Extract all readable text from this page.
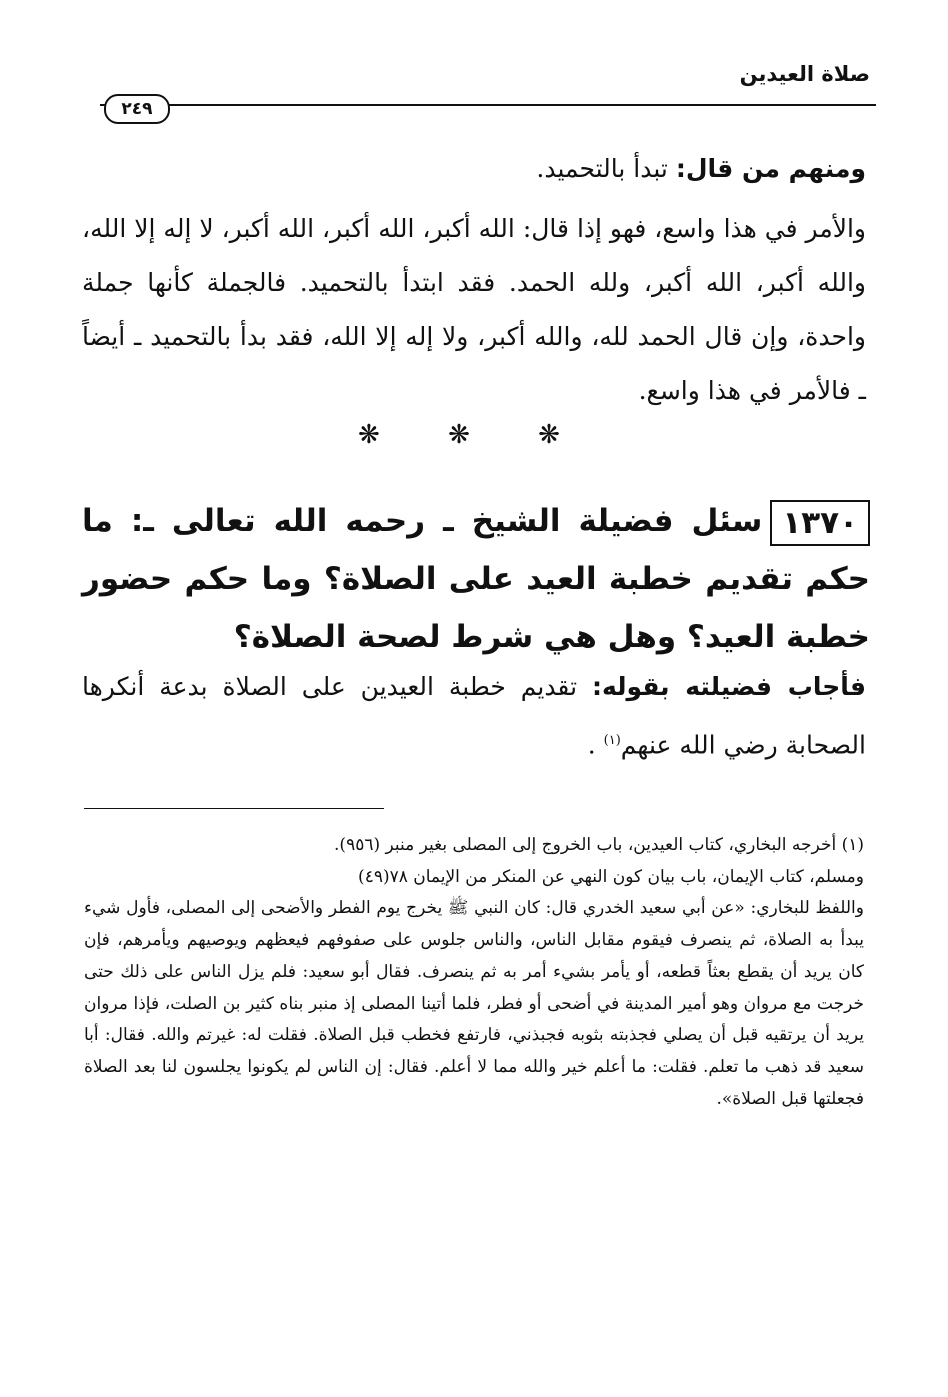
صلاة العيدين
٢٤٩
ومنهم من قال: تبدأ بالتحميد.
والأمر في هذا واسع، فهو إذا قال: الله أكبر، الله أكبر، الله أكبر، لا إله إلا الله، والله أكبر، الله أكبر، ولله الحمد. فقد ابتدأ بالتحميد. فالجملة كأنها جملة واحدة، وإن قال الحمد لله، والله أكبر، ولا إله إلا الله، فقد بدأ بالتحميد ـ أيضاً ـ فالأمر في هذا واسع.
❋ ❋ ❋
١٣٧٠سئل فضيلة الشيخ ـ رحمه الله تعالى ـ: ما حكم تقديم خطبة العيد على الصلاة؟ وما حكم حضور خطبة العيد؟ وهل هي شرط لصحة الصلاة؟
فأجاب فضيلته بقوله: تقديم خطبة العيدين على الصلاة بدعة أنكرها الصحابة رضي الله عنهم$^{(١)}$ .

(١) أخرجه البخاري، كتاب العيدين، باب الخروج إلى المصلى بغير منبر (٩٥٦).

ومسلم، كتاب الإيمان، باب بيان كون النهي عن المنكر من الإيمان ٧٨(٤٩)

واللفظ للبخاري: «عن أبي سعيد الخدري قال: كان النبي ﷺ يخرج يوم الفطر والأضحى إلى المصلى، فأول شيء يبدأ به الصلاة، ثم ينصرف فيقوم مقابل الناس، والناس جلوس على صفوفهم فيعظهم ويوصيهم ويأمرهم، فإن كان يريد أن يقطع بعثاً قطعه، أو يأمر بشيء أمر به ثم ينصرف. فقال أبو سعيد: فلم يزل الناس على ذلك حتى خرجت مع مروان وهو أمير المدينة في أضحى أو فطر، فلما أتينا المصلى إذ منبر بناه كثير بن الصلت، فإذا مروان يريد أن يرتقيه قبل أن يصلي فجذبته بثوبه فجبذني، فارتفع فخطب قبل الصلاة. فقلت له: غيرتم والله. فقال: أبا سعيد قد ذهب ما تعلم. فقلت: ما أعلم خير والله مما لا أعلم. فقال: إن الناس لم يكونوا يجلسون لنا بعد الصلاة فجعلتها قبل الصلاة».
